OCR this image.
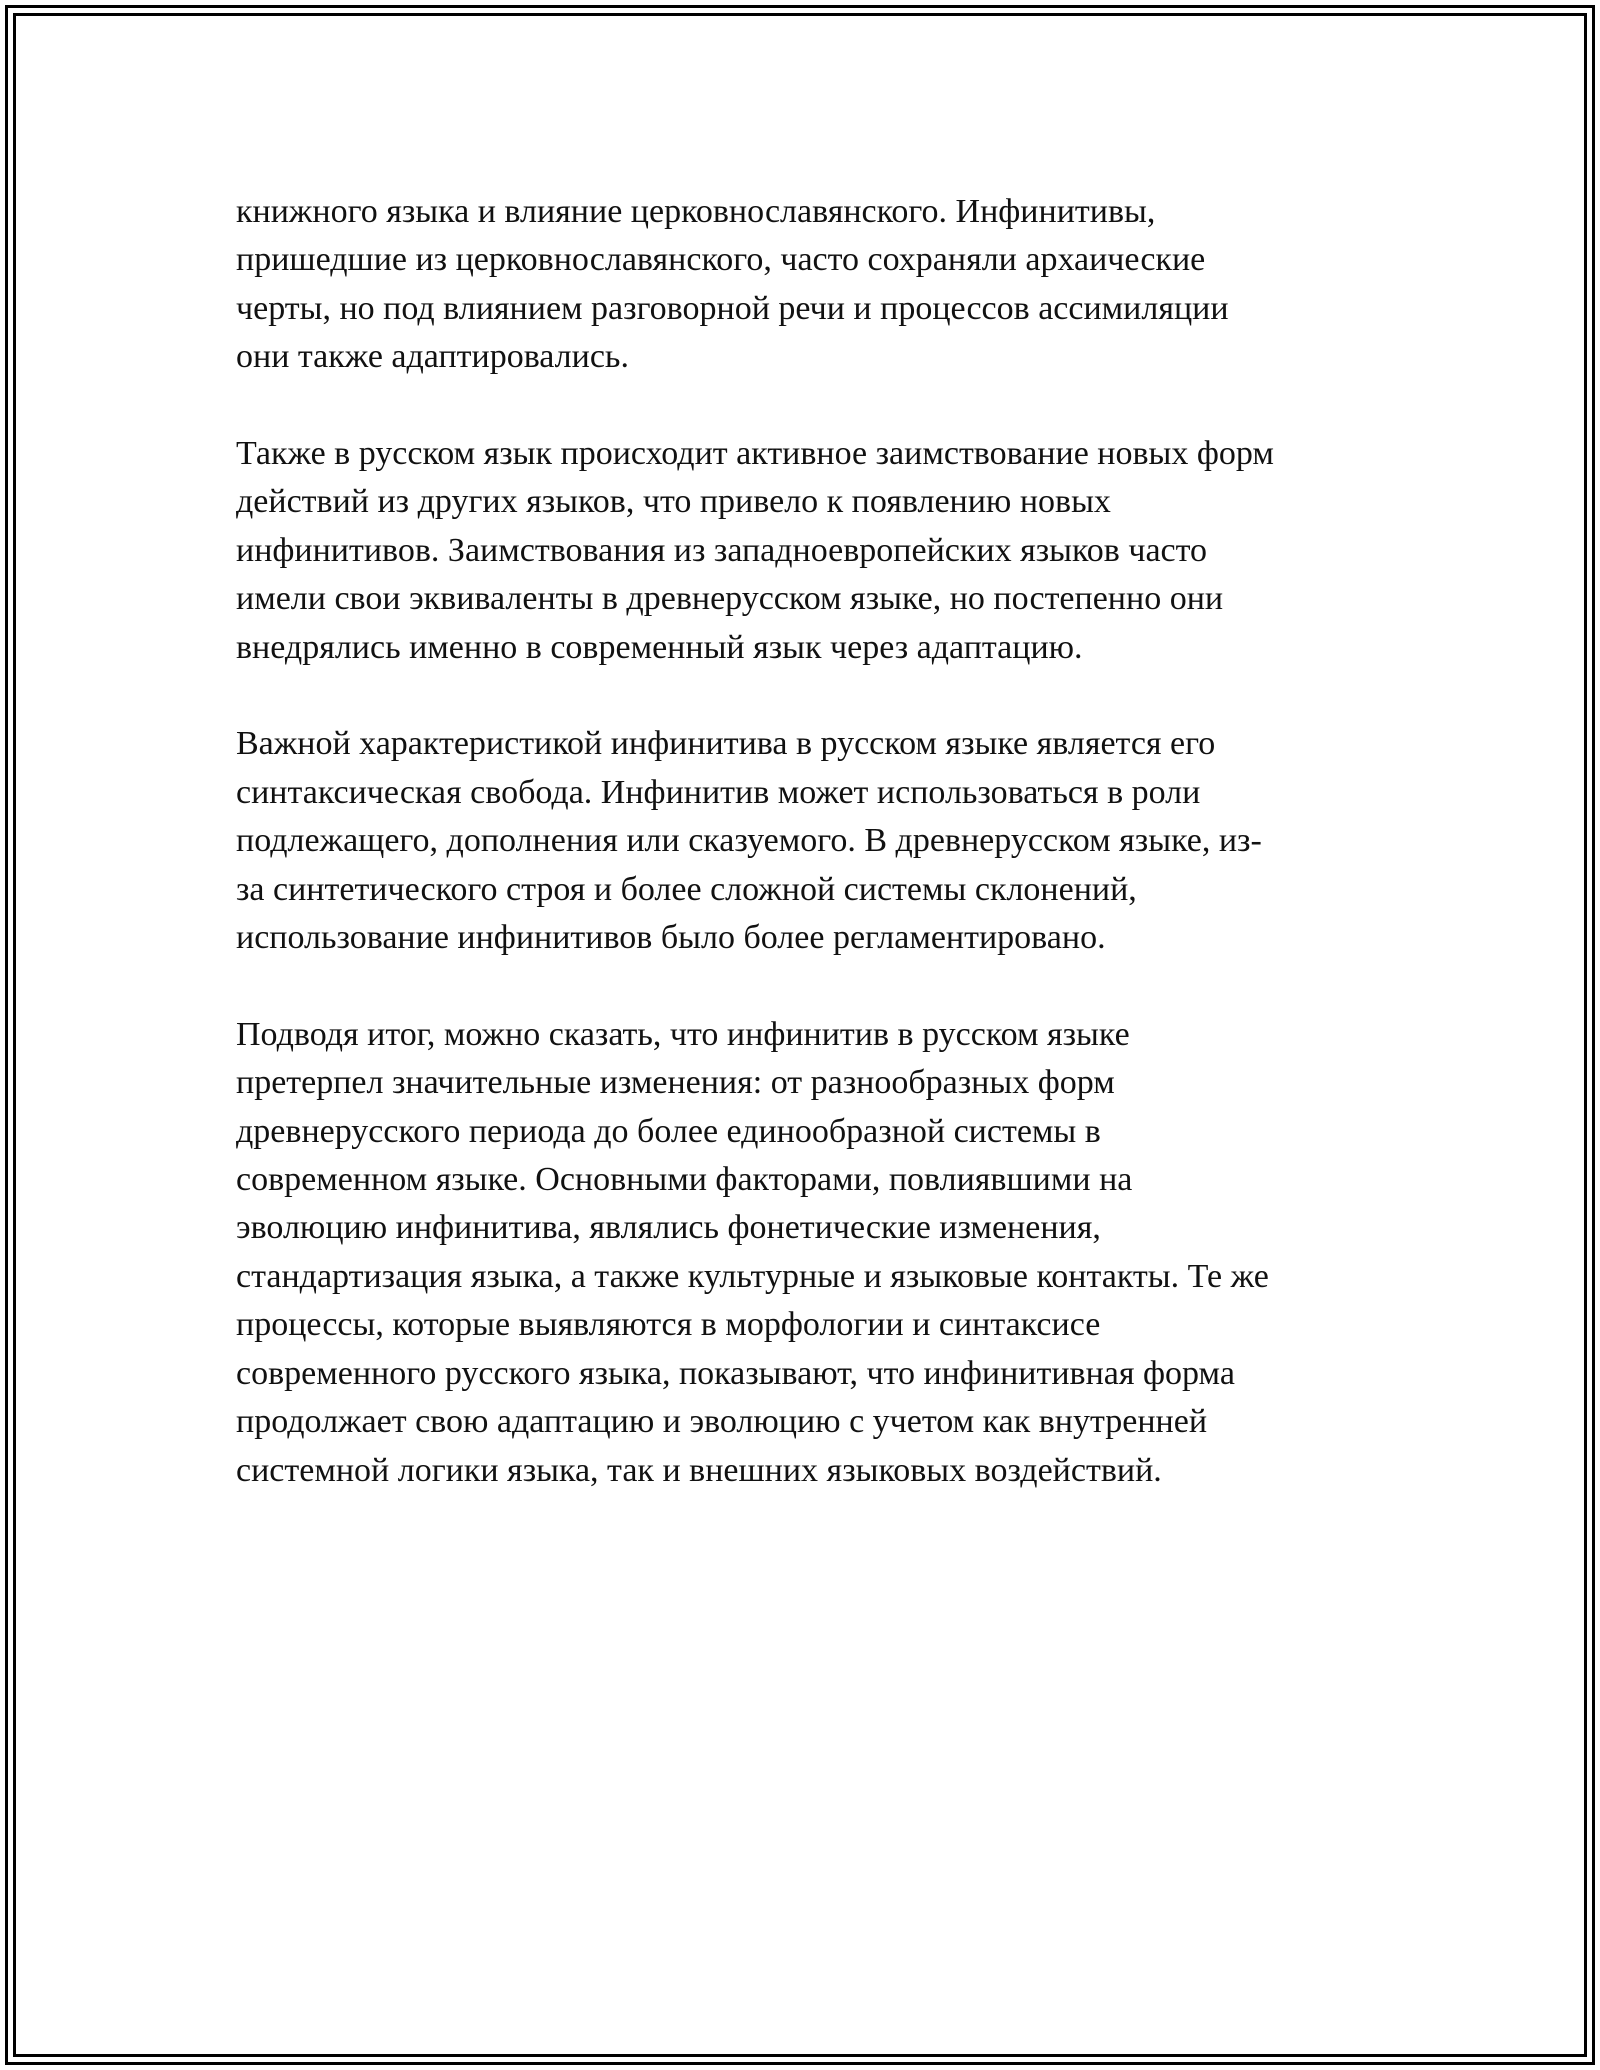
книжного языка и влияние церковнославянского. Инфинитивы,
пришедшие из церковнославянского, часто сохраняли архаические
черты, но под влиянием разговорной речи и процессов ассимиляции
они также адаптировались.

Также в русском язык происходит активное заимствование новых форм
действий из других языков, что привело к появлению новых
инфинитивов. Заимствования из западноевропейских языков часто
имели свои эквиваленты в древнерусском языке, но постепенно они
внедрялись именно в современный язык через адаптацию.

Важной характеристикой инфинитива в русском языке является его
синтаксическая свобода. Инфинитив может использоваться в роли
подлежащего, дополнения или сказуемого. В древнерусском языке, из-
за синтетического строя и более сложной системы склонений,
использование инфинитивов было более регламентировано.

Подводя итог, можно сказать, что инфинитив в русском языке
претерпел значительные изменения: от разнообразных форм
древнерусского периода до более единообразной системы в
современном языке. Основными факторами, повлиявшими на
эволюцию инфинитива, являлись фонетические изменения,
стандартизация языка, а также культурные и языковые контакты. Те же
процессы, которые выявляются в морфологии и синтаксисе
современного русского языка, показывают, что инфинитивная форма
продолжает свою адаптацию и эволюцию с учетом как внутренней
системной логики языка, так и внешних языковых воздействий.
